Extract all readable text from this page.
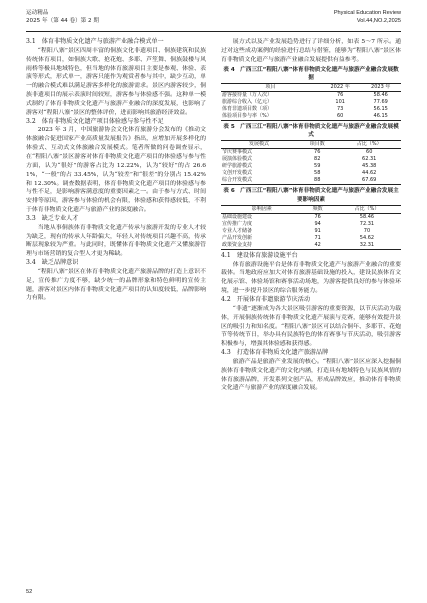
运动精品
2025 年（第 44 卷）第 2 期
Physical Education Review
Vol.44,NO.2,2025

3.1　体育非物质文化遗产与旅游产业融合模式单一

“程阳八寨”景区四周丰富的侗族文化非遗项目、侗族建筑和民族传统体育项目，如侗族大歌、抢花炮、多耶、芦笙舞、侗族鼓楼与风雨桥等极具地域特色，但当地的体育旅游项目主要是参观、体验、表演等形式，形式单一，游客只能作为观赏者参与其中，缺少互动，单一的融合模式难以满足游客多样化的旅游需求。景区内游客较少，侗族非遗项目的展示表演时间较短，游客参与体验感不强。这种单一模式制约了体育非物质文化遗产与旅游产业融合的深度发展，也影响了游客对“程阳八寨”景区的整体评价，进而影响其旅游经济效益。

3.2　体育非物质文化遗产项目体验感与参与性不足

2023 年 3 月，中国旅游协会文化体育旅游分会发布的《推动文体旅融合促进国家产业高质量发展报告》指出，应增加开展多样化的体验式、互动式文体旅融合发展模式。笔者所做的问卷调查显示，在“程阳八寨”景区游客对体育非物质文化遗产项目的体验感与参与性方面，认为“很好”的游客占比为 12.22%，认为“较好”的占 26.61%，“一般”的占 33.45%，认为“较差”和“很差”的分别占 15.42% 和 12.30%。调查数据表明，体育非物质文化遗产项目的体验感与参与性不足，是影响游客满意度的重要因素之一。由于参与方式、时间安排等原因，游客参与体验的机会有限，体验感和获得感较低，不利于体育非物质文化遗产与旅游产业的深度融合。

3.3　缺乏专业人才

当地从事侗族体育非物质文化遗产传承与旅游开发的专业人才较为缺乏，现有的传承人年龄偏大，年轻人对传统项目兴趣不高，传承断层现象较为严重。与此同时，既懂体育非物质文化遗产又懂旅游管理与市场营销的复合型人才更为稀缺。

3.4　缺乏品牌意识

“程阳八寨”景区在体育非物质文化遗产旅游品牌的打造上意识不足，宣传推广力度不够，缺少统一的品牌形象和特色鲜明的宣传主题，游客对景区内体育非物质文化遗产项目的认知度较低，品牌影响力有限。

展方式以及产业发展趋势进行了详细分析，如表 5～7 所示。通过对这些成功案例的经验进行总结与借鉴，能够为“程阳八寨”景区体育非物质文化遗产与旅游产业融合发展提供有益参考。

表 4　广西三江“程阳八寨”体育非物质文化遗产与旅游产业融合发展数据
项目	2022 年	2023 年
游客接待量（万人次）	76	58.46
旅游综合收入（亿元）	101	77.69
体育非遗项目数（项）	73	56.15
体验项目参与率（%）	60	46.15
表 5　广西三江“程阳八寨”体育非物质文化遗产与旅游产业融合发展模式
发展模式	项目数	占比（%）
节庆赛事模式	76	60
展演体验模式	82	62.31
研学旅游模式	59	45.38
文创开发模式	58	44.62
综合开发模式	88	67.69
表 6　广西三江“程阳八寨”体育非物质文化遗产与旅游产业融合发展主要影响因素
影响因素	频数	占比（%）
基础设施建设	76	58.46
宣传推广力度	94	72.31
专业人才储备	91	70
产品开发创新	71	54.62
政策资金支持	42	32.31

4.1　建设体育旅游设施平台

体育旅游设施平台是体育非物质文化遗产与旅游产业融合的重要载体。当地政府应加大对体育旅游基础设施的投入，建设民族体育文化展示馆、体验场馆和赛事活动场地，为游客提供良好的参与体验环境，进一步提升景区的综合服务能力。

4.2　开展体育非遗旅游节庆活动

“非遗”逐渐成为各大景区吸引游客的重要资源，以节庆活动为载体，开展侗族传统体育非物质文化遗产展演与竞赛，能够有效提升景区的吸引力和知名度。“程阳八寨”景区可以结合侗年、多耶节、花炮节等传统节日，举办具有民族特色的体育赛事与节庆活动，吸引游客积极参与，增强其体验感和获得感。

4.3　打造体育非物质文化遗产旅游品牌

旅游产品是旅游产业发展的核心。“程阳八寨”景区应深入挖掘侗族体育非物质文化遗产的文化内涵，打造具有地域特色与民族风情的体育旅游品牌，开发系列文创产品，形成品牌效应，推动体育非物质文化遗产与旅游产业的深度融合发展。

52
